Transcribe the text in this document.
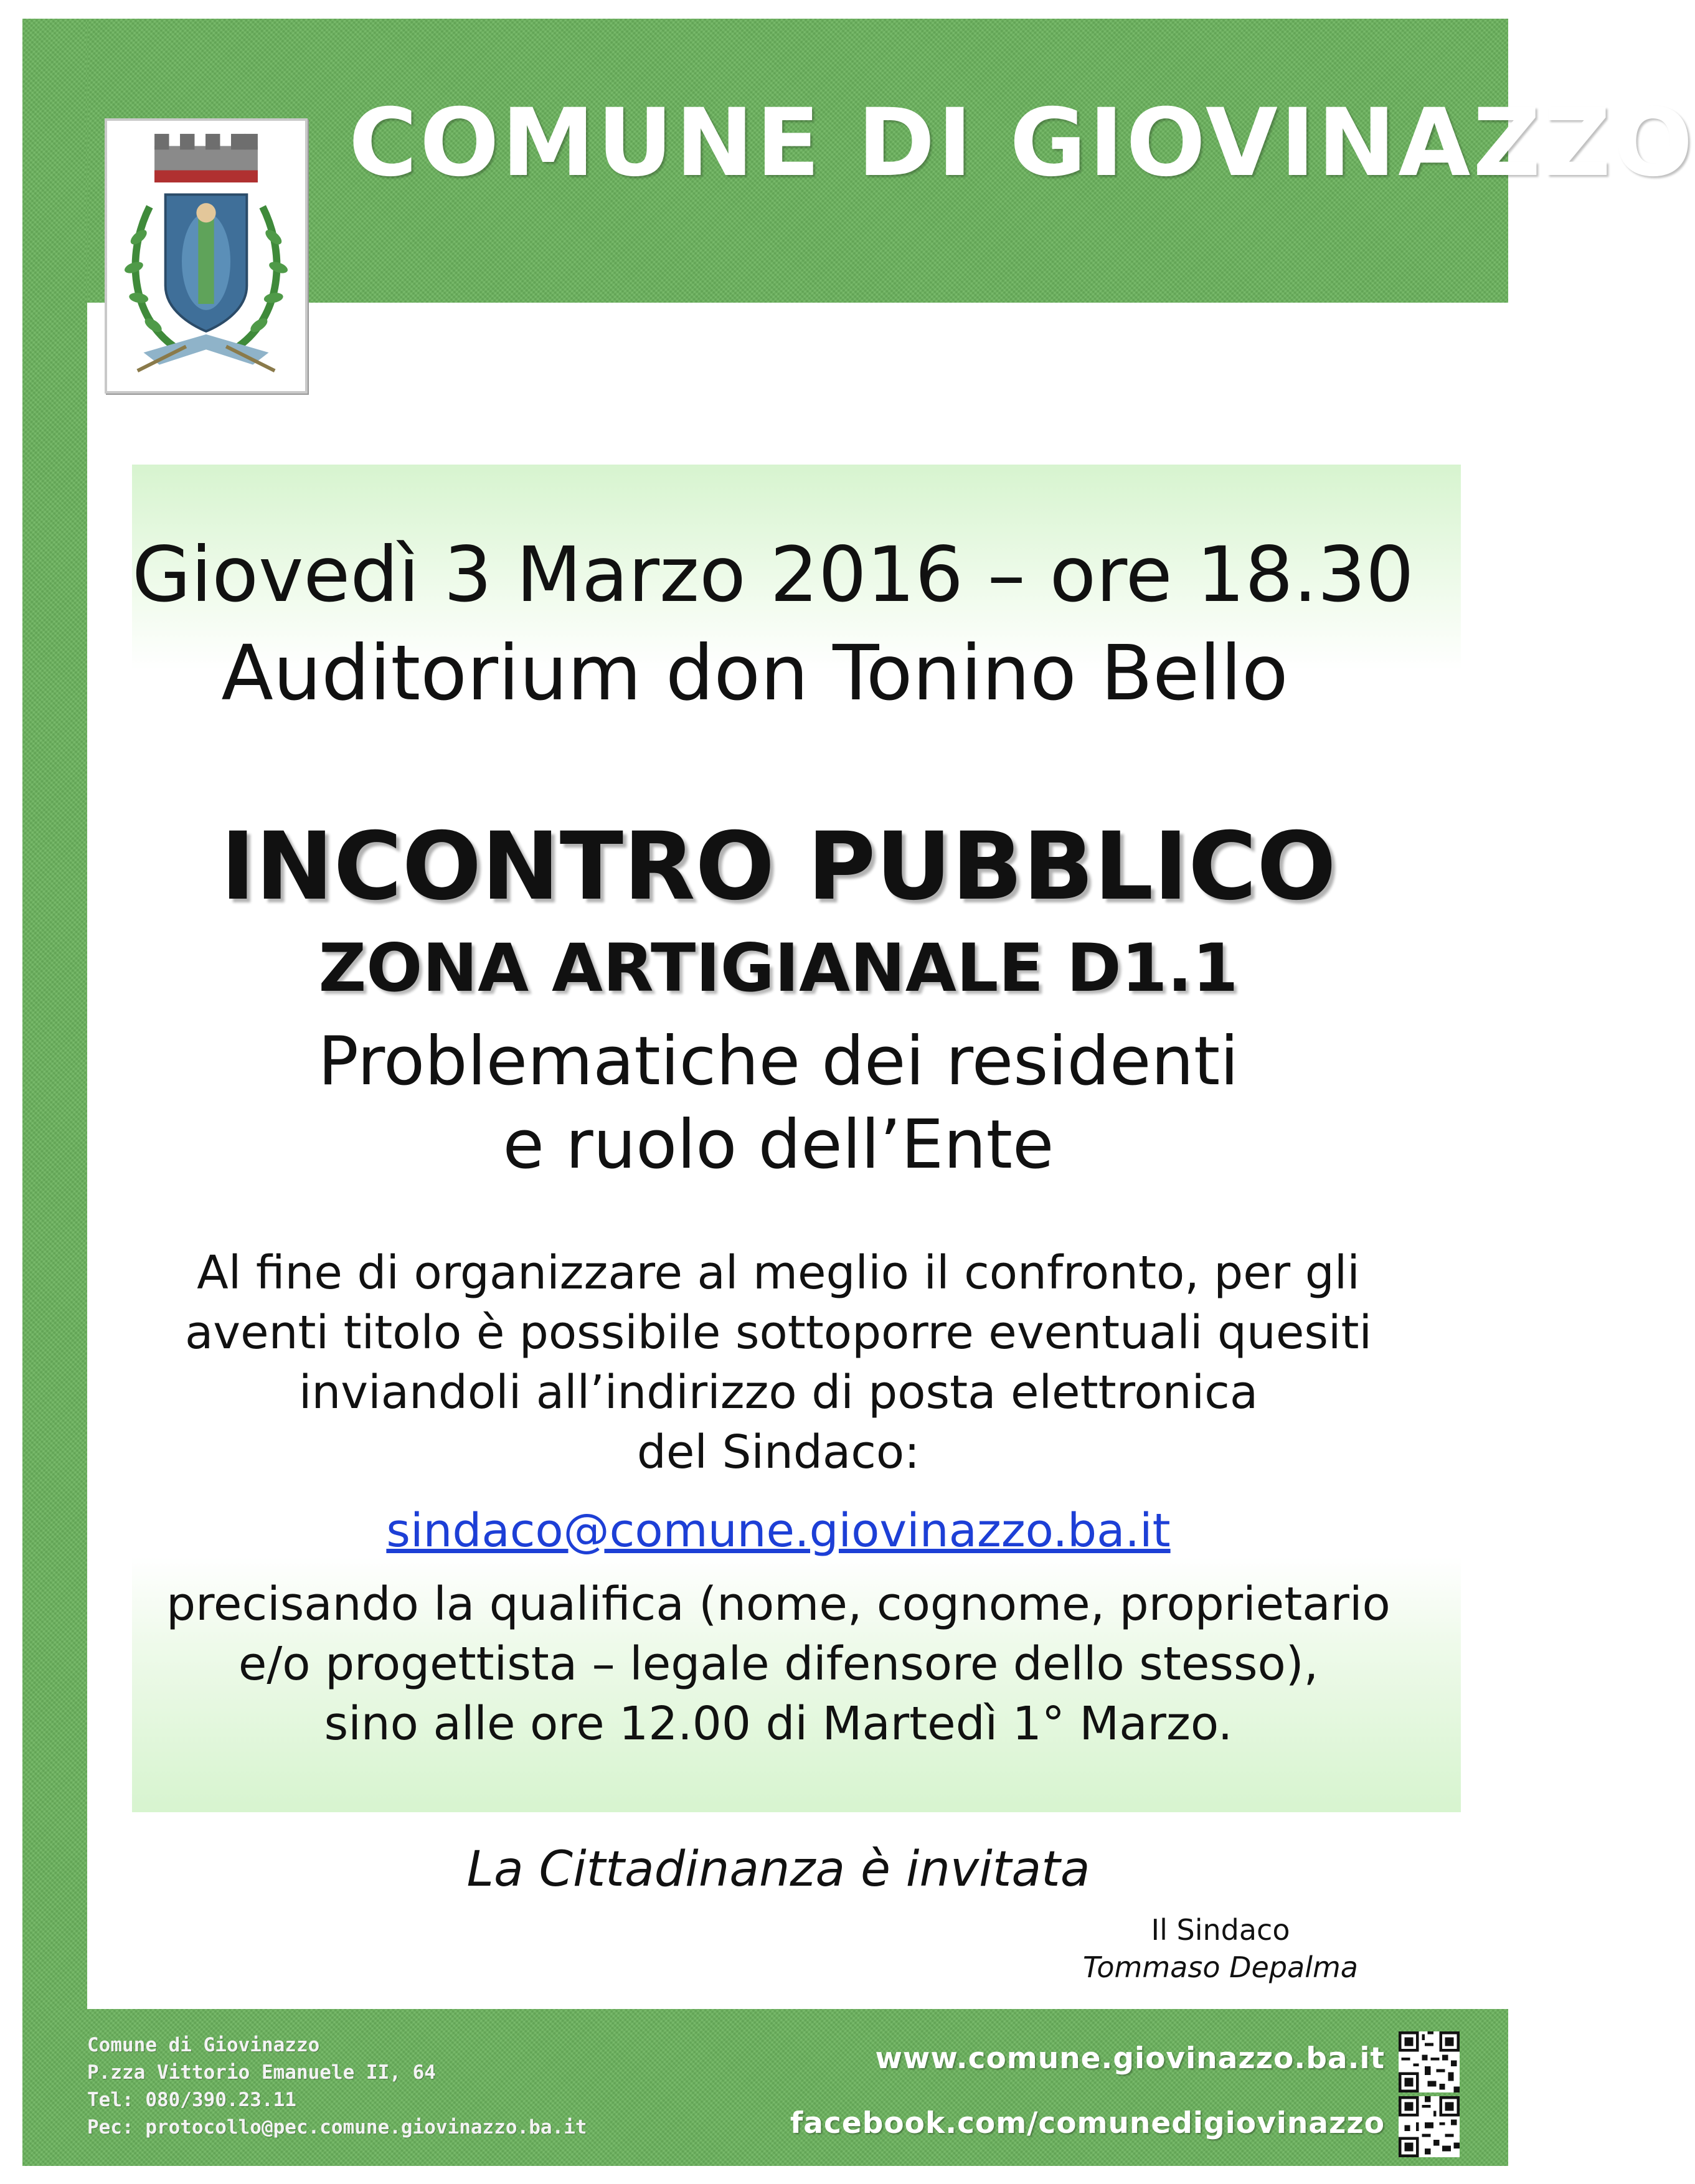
COMUNE DI GIOVINAZZO
Giovedì 3 Marzo 2016 – ore 18.30
Auditorium don Tonino Bello
INCONTRO PUBBLICO
ZONA ARTIGIANALE D1.1
Problematiche dei residenti
e ruolo dell’Ente
Al fine di organizzare al meglio il confronto, per gli
aventi titolo è possibile sottoporre eventuali quesiti
inviandoli all’indirizzo di posta elettronica
del Sindaco:
sindaco@comune.giovinazzo.ba.it
precisando la qualifica (nome, cognome, proprietario
e/o progettista – legale difensore dello stesso),
sino alle ore 12.00 di Martedì 1° Marzo.
La Cittadinanza è invitata
Il Sindaco
Tommaso Depalma
Comune di Giovinazzo
P.zza Vittorio Emanuele II, 64
Tel: 080/390.23.11
Pec: protocollo@pec.comune.giovinazzo.ba.it
www.comune.giovinazzo.ba.it
facebook.com/comunedigiovinazzo
